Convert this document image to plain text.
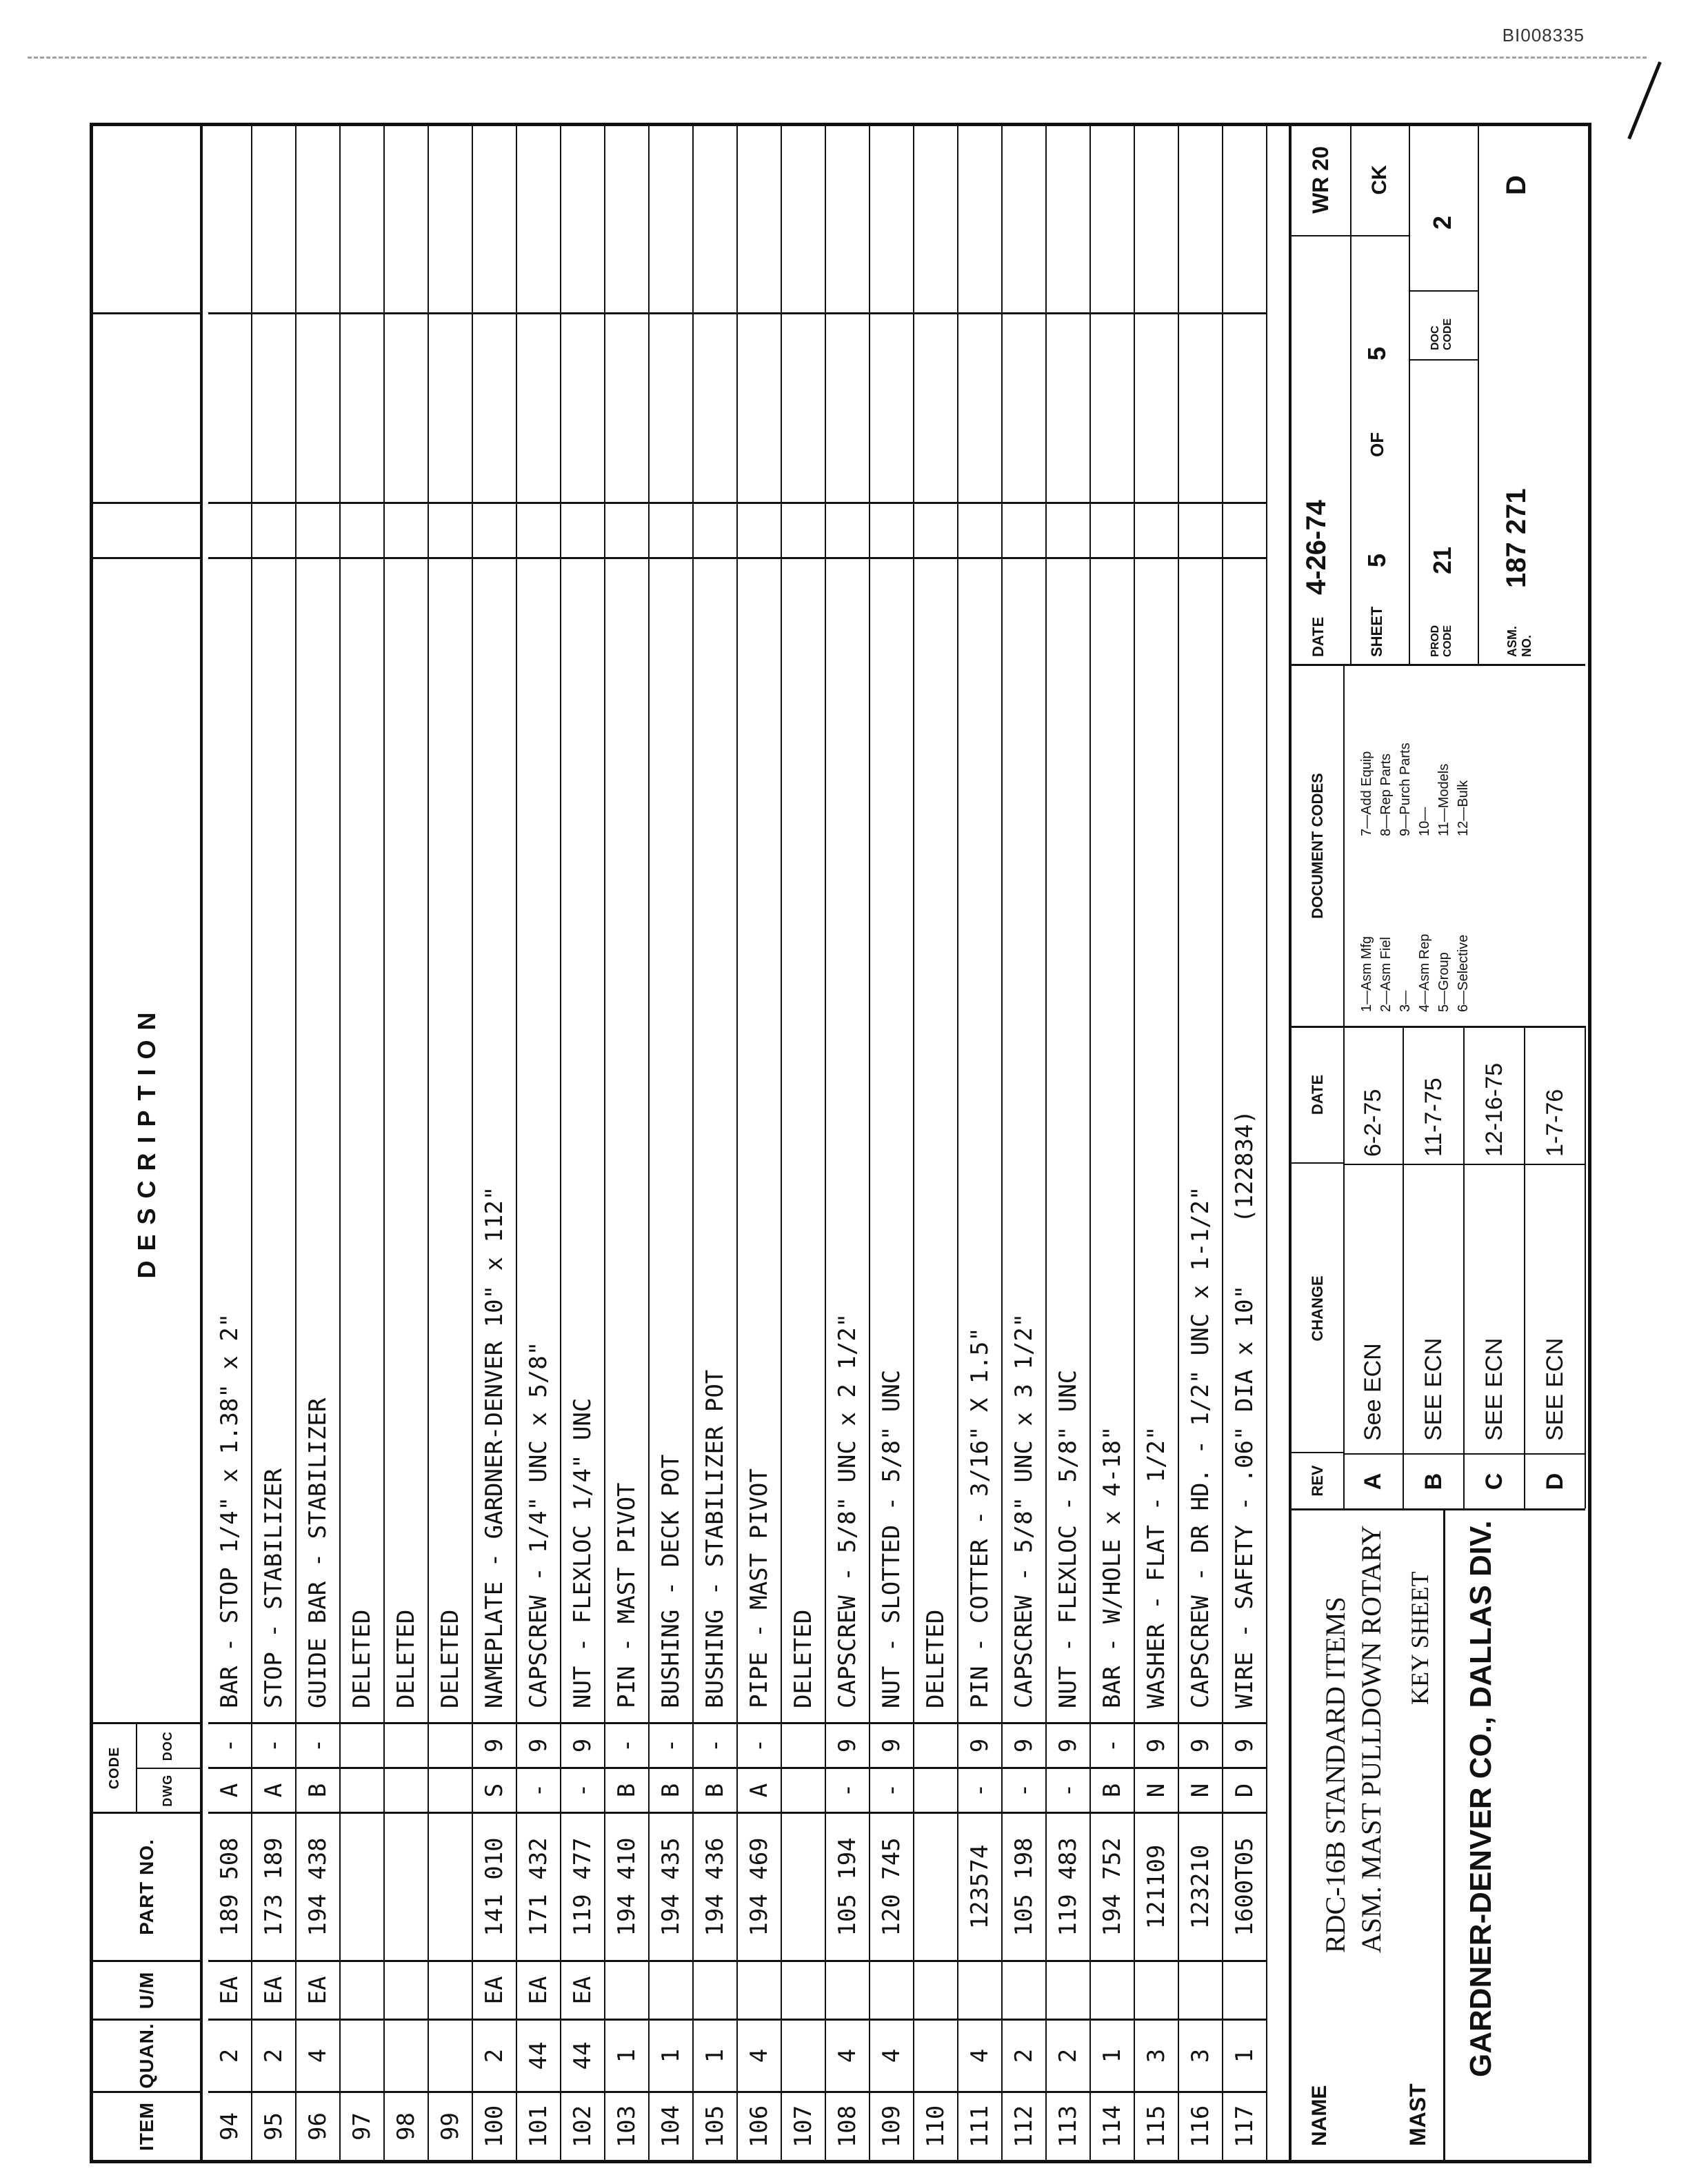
BI008335
ITEM
QUAN.
U/M
PART NO.
CODE
DWG
DOC
DESCRIPTION
94
2
EA
189 508
A
-
BAR - STOP 1/4" x 1.38" x 2"
95
2
EA
173 189
A
-
STOP - STABILIZER
96
4
EA
194 438
B
-
GUIDE BAR - STABILIZER
97
DELETED
98
DELETED
99
DELETED
100
2
EA
141 010
S
9
NAMEPLATE - GARDNER-DENVER 10" x 112"
101
44
EA
171 432
-
9
CAPSCREW - 1/4" UNC x 5/8"
102
44
EA
119 477
-
9
NUT - FLEXLOC 1/4" UNC
103
1
194 410
B
-
PIN - MAST PIVOT
104
1
194 435
B
-
BUSHING - DECK POT
105
1
194 436
B
-
BUSHING - STABILIZER POT
106
4
194 469
A
-
PIPE - MAST PIVOT
107
DELETED
108
4
105 194
-
9
CAPSCREW - 5/8" UNC x 2 1/2"
109
4
120 745
-
9
NUT - SLOTTED - 5/8" UNC
110
DELETED
111
4
123574
-
9
PIN - COTTER - 3/16" X 1.5"
112
2
105 198
-
9
CAPSCREW - 5/8" UNC x 3 1/2"
113
2
119 483
-
9
NUT - FLEXLOC - 5/8" UNC
114
1
194 752
B
-
BAR - W/HOLE x 4-18"
115
3
121109
N
9
WASHER - FLAT - 1/2"
116
3
123210
N
9
CAPSCREW - DR HD. - 1/2" UNC x 1-1/2"
117
1
1600T05
D
9
WIRE - SAFETY - .06" DIA x 10"
(122834)
NAME
RDC-16B STANDARD ITEMS ASM. MAST PULLDOWN ROTARY
MAST
KEY SHEET GARDNER-DENVER CO., DALLAS DIV.
REV
CHANGE
DATE
A
See ECN
6-2-75
B
SEE ECN
11-7-75
C
SEE ECN
12-16-75
D
SEE ECN
1-7-76
DOCUMENT CODES
1—Asm Mfg 2—Asm Fiel 3— 4—Asm Rep 5—Group 6—Selective
7—Add Equip 8—Rep Parts 9—Purch Parts 10— 11—Models 12—Bulk
DATE
4-26-74
WR 20
SHEET
5
OF
5
CK
PROD CODE
21
DOC CODE
2
ASM. NO.
187 271
D
